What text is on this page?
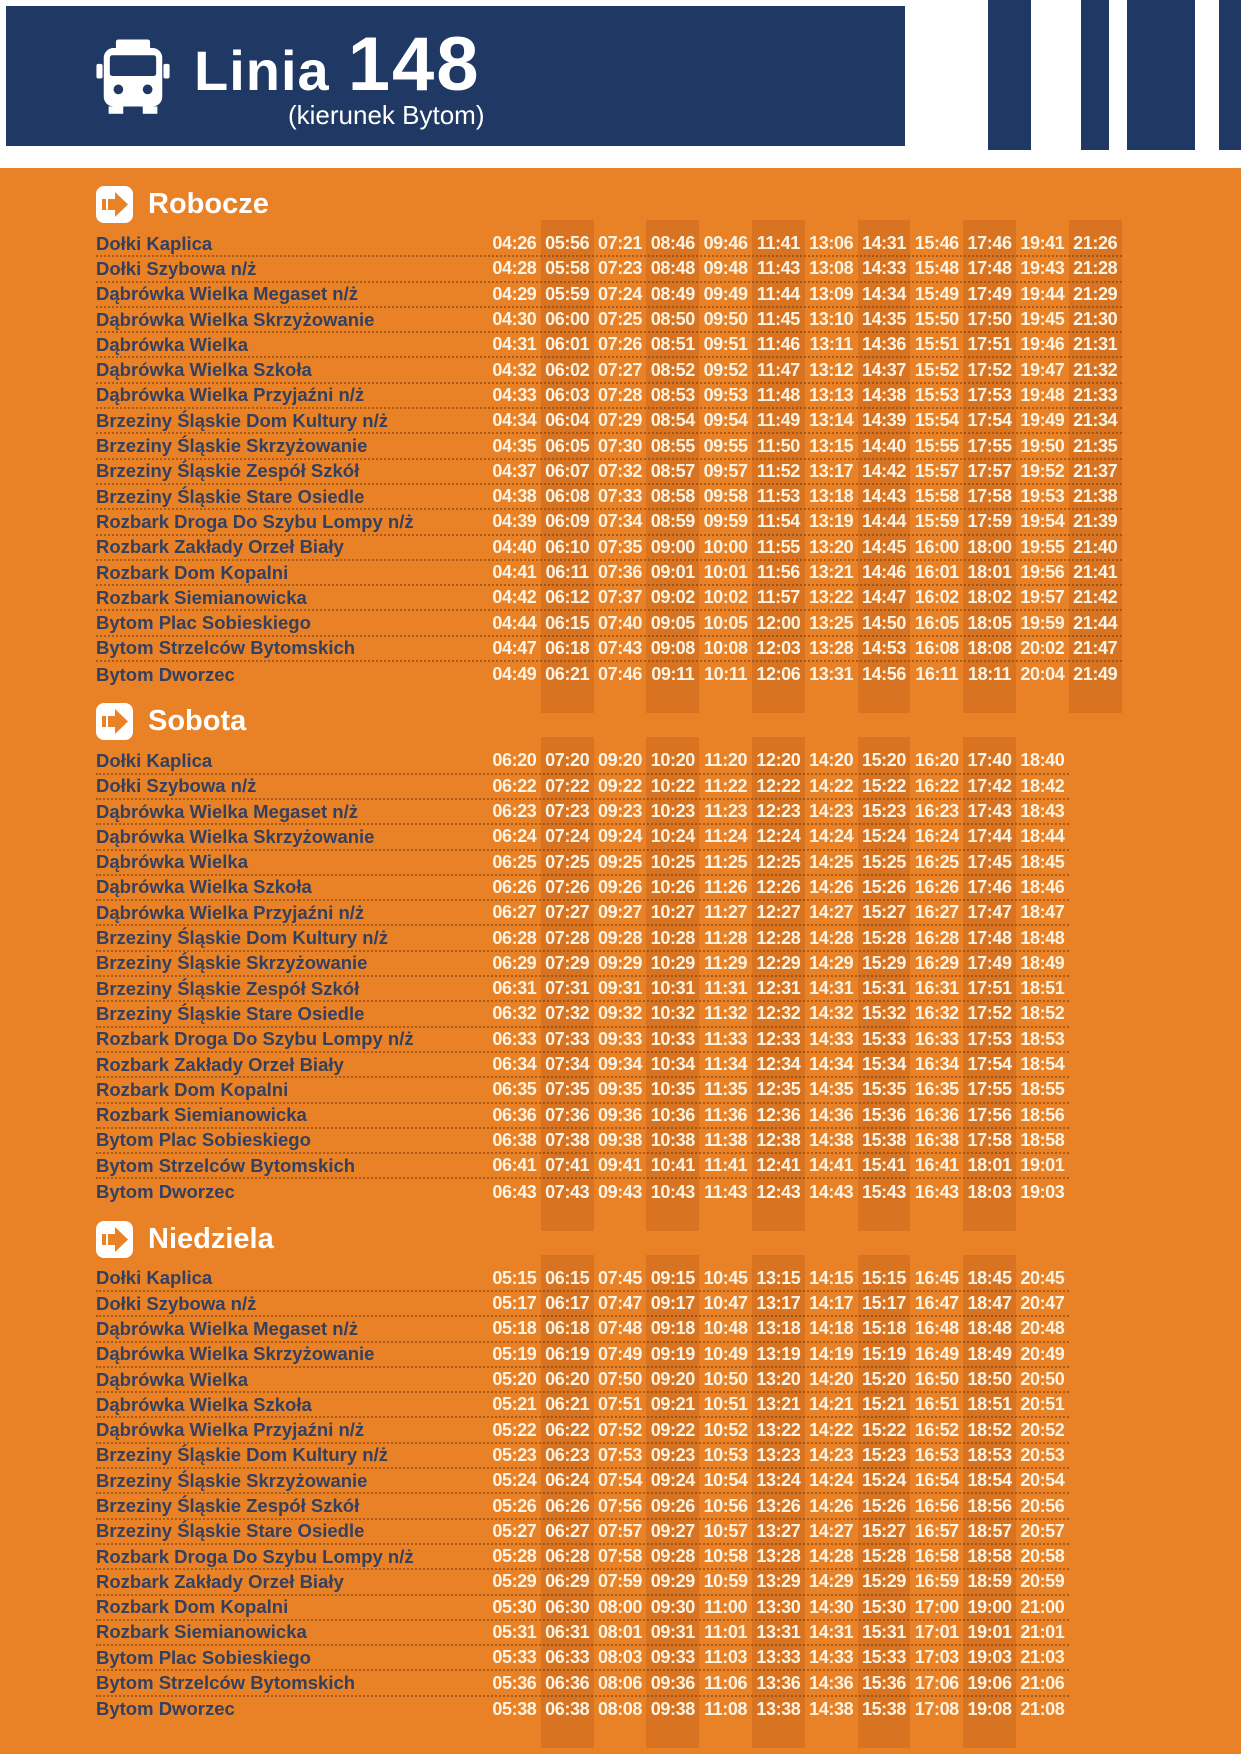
Linia 148
(kierunek Bytom)
Robocze
Dołki Kaplica	04:26 05:56 07:21 08:46 09:46 11:41 13:06 14:31 15:46 17:46 19:41 21:26
Dołki Szybowa n/ż	04:28 05:58 07:23 08:48 09:48 11:43 13:08 14:33 15:48 17:48 19:43 21:28
Dąbrówka Wielka Megaset n/ż	04:29 05:59 07:24 08:49 09:49 11:44 13:09 14:34 15:49 17:49 19:44 21:29
Dąbrówka Wielka Skrzyżowanie	04:30 06:00 07:25 08:50 09:50 11:45 13:10 14:35 15:50 17:50 19:45 21:30
Dąbrówka Wielka	04:31 06:01 07:26 08:51 09:51 11:46 13:11 14:36 15:51 17:51 19:46 21:31
Dąbrówka Wielka Szkoła	04:32 06:02 07:27 08:52 09:52 11:47 13:12 14:37 15:52 17:52 19:47 21:32
Dąbrówka Wielka Przyjaźni n/ż	04:33 06:03 07:28 08:53 09:53 11:48 13:13 14:38 15:53 17:53 19:48 21:33
Brzeziny Śląskie Dom Kultury n/ż	04:34 06:04 07:29 08:54 09:54 11:49 13:14 14:39 15:54 17:54 19:49 21:34
Brzeziny Śląskie Skrzyżowanie	04:35 06:05 07:30 08:55 09:55 11:50 13:15 14:40 15:55 17:55 19:50 21:35
Brzeziny Śląskie Zespół Szkół	04:37 06:07 07:32 08:57 09:57 11:52 13:17 14:42 15:57 17:57 19:52 21:37
Brzeziny Śląskie Stare Osiedle	04:38 06:08 07:33 08:58 09:58 11:53 13:18 14:43 15:58 17:58 19:53 21:38
Rozbark Droga Do Szybu Lompy n/ż	04:39 06:09 07:34 08:59 09:59 11:54 13:19 14:44 15:59 17:59 19:54 21:39
Rozbark Zakłady Orzeł Biały	04:40 06:10 07:35 09:00 10:00 11:55 13:20 14:45 16:00 18:00 19:55 21:40
Rozbark Dom Kopalni	04:41 06:11 07:36 09:01 10:01 11:56 13:21 14:46 16:01 18:01 19:56 21:41
Rozbark Siemianowicka	04:42 06:12 07:37 09:02 10:02 11:57 13:22 14:47 16:02 18:02 19:57 21:42
Bytom Plac Sobieskiego	04:44 06:15 07:40 09:05 10:05 12:00 13:25 14:50 16:05 18:05 19:59 21:44
Bytom Strzelców Bytomskich	04:47 06:18 07:43 09:08 10:08 12:03 13:28 14:53 16:08 18:08 20:02 21:47
Bytom Dworzec	04:49 06:21 07:46 09:11 10:11 12:06 13:31 14:56 16:11 18:11 20:04 21:49
Sobota
Dołki Kaplica	06:20 07:20 09:20 10:20 11:20 12:20 14:20 15:20 16:20 17:40 18:40
Dołki Szybowa n/ż	06:22 07:22 09:22 10:22 11:22 12:22 14:22 15:22 16:22 17:42 18:42
Dąbrówka Wielka Megaset n/ż	06:23 07:23 09:23 10:23 11:23 12:23 14:23 15:23 16:23 17:43 18:43
Dąbrówka Wielka Skrzyżowanie	06:24 07:24 09:24 10:24 11:24 12:24 14:24 15:24 16:24 17:44 18:44
Dąbrówka Wielka	06:25 07:25 09:25 10:25 11:25 12:25 14:25 15:25 16:25 17:45 18:45
Dąbrówka Wielka Szkoła	06:26 07:26 09:26 10:26 11:26 12:26 14:26 15:26 16:26 17:46 18:46
Dąbrówka Wielka Przyjaźni n/ż	06:27 07:27 09:27 10:27 11:27 12:27 14:27 15:27 16:27 17:47 18:47
Brzeziny Śląskie Dom Kultury n/ż	06:28 07:28 09:28 10:28 11:28 12:28 14:28 15:28 16:28 17:48 18:48
Brzeziny Śląskie Skrzyżowanie	06:29 07:29 09:29 10:29 11:29 12:29 14:29 15:29 16:29 17:49 18:49
Brzeziny Śląskie Zespół Szkół	06:31 07:31 09:31 10:31 11:31 12:31 14:31 15:31 16:31 17:51 18:51
Brzeziny Śląskie Stare Osiedle	06:32 07:32 09:32 10:32 11:32 12:32 14:32 15:32 16:32 17:52 18:52
Rozbark Droga Do Szybu Lompy n/ż	06:33 07:33 09:33 10:33 11:33 12:33 14:33 15:33 16:33 17:53 18:53
Rozbark Zakłady Orzeł Biały	06:34 07:34 09:34 10:34 11:34 12:34 14:34 15:34 16:34 17:54 18:54
Rozbark Dom Kopalni	06:35 07:35 09:35 10:35 11:35 12:35 14:35 15:35 16:35 17:55 18:55
Rozbark Siemianowicka	06:36 07:36 09:36 10:36 11:36 12:36 14:36 15:36 16:36 17:56 18:56
Bytom Plac Sobieskiego	06:38 07:38 09:38 10:38 11:38 12:38 14:38 15:38 16:38 17:58 18:58
Bytom Strzelców Bytomskich	06:41 07:41 09:41 10:41 11:41 12:41 14:41 15:41 16:41 18:01 19:01
Bytom Dworzec	06:43 07:43 09:43 10:43 11:43 12:43 14:43 15:43 16:43 18:03 19:03
Niedziela
Dołki Kaplica	05:15 06:15 07:45 09:15 10:45 13:15 14:15 15:15 16:45 18:45 20:45
Dołki Szybowa n/ż	05:17 06:17 07:47 09:17 10:47 13:17 14:17 15:17 16:47 18:47 20:47
Dąbrówka Wielka Megaset n/ż	05:18 06:18 07:48 09:18 10:48 13:18 14:18 15:18 16:48 18:48 20:48
Dąbrówka Wielka Skrzyżowanie	05:19 06:19 07:49 09:19 10:49 13:19 14:19 15:19 16:49 18:49 20:49
Dąbrówka Wielka	05:20 06:20 07:50 09:20 10:50 13:20 14:20 15:20 16:50 18:50 20:50
Dąbrówka Wielka Szkoła	05:21 06:21 07:51 09:21 10:51 13:21 14:21 15:21 16:51 18:51 20:51
Dąbrówka Wielka Przyjaźni n/ż	05:22 06:22 07:52 09:22 10:52 13:22 14:22 15:22 16:52 18:52 20:52
Brzeziny Śląskie Dom Kultury n/ż	05:23 06:23 07:53 09:23 10:53 13:23 14:23 15:23 16:53 18:53 20:53
Brzeziny Śląskie Skrzyżowanie	05:24 06:24 07:54 09:24 10:54 13:24 14:24 15:24 16:54 18:54 20:54
Brzeziny Śląskie Zespół Szkół	05:26 06:26 07:56 09:26 10:56 13:26 14:26 15:26 16:56 18:56 20:56
Brzeziny Śląskie Stare Osiedle	05:27 06:27 07:57 09:27 10:57 13:27 14:27 15:27 16:57 18:57 20:57
Rozbark Droga Do Szybu Lompy n/ż	05:28 06:28 07:58 09:28 10:58 13:28 14:28 15:28 16:58 18:58 20:58
Rozbark Zakłady Orzeł Biały	05:29 06:29 07:59 09:29 10:59 13:29 14:29 15:29 16:59 18:59 20:59
Rozbark Dom Kopalni	05:30 06:30 08:00 09:30 11:00 13:30 14:30 15:30 17:00 19:00 21:00
Rozbark Siemianowicka	05:31 06:31 08:01 09:31 11:01 13:31 14:31 15:31 17:01 19:01 21:01
Bytom Plac Sobieskiego	05:33 06:33 08:03 09:33 11:03 13:33 14:33 15:33 17:03 19:03 21:03
Bytom Strzelców Bytomskich	05:36 06:36 08:06 09:36 11:06 13:36 14:36 15:36 17:06 19:06 21:06
Bytom Dworzec	05:38 06:38 08:08 09:38 11:08 13:38 14:38 15:38 17:08 19:08 21:08
